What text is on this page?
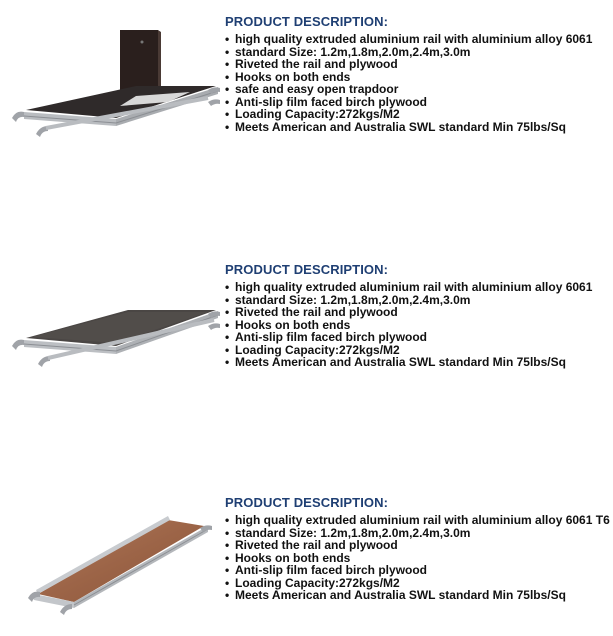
PRODUCT DESCRIPTION:
• high quality extruded aluminium rail with aluminium alloy 6061
• standard Size: 1.2m,1.8m,2.0m,2.4m,3.0m
• Riveted the rail and plywood
• Hooks on both ends
• safe and easy open trapdoor
• Anti-slip film faced birch plywood
• Loading Capacity:272kgs/M2
• Meets American and Australia SWL standard Min 75lbs/Sq
PRODUCT DESCRIPTION:
• high quality extruded aluminium rail with aluminium alloy 6061
• standard Size: 1.2m,1.8m,2.0m,2.4m,3.0m
• Riveted the rail and plywood
• Hooks on both ends
• Anti-slip film faced birch plywood
• Loading Capacity:272kgs/M2
• Meets American and Australia SWL standard Min 75lbs/Sq
PRODUCT DESCRIPTION:
• high quality extruded aluminium rail with aluminium alloy 6061 T6
• standard Size: 1.2m,1.8m,2.0m,2.4m,3.0m
• Riveted the rail and plywood
• Hooks on both ends
• Anti-slip film faced birch plywood
• Loading Capacity:272kgs/M2
• Meets American and Australia SWL standard Min 75lbs/Sq
